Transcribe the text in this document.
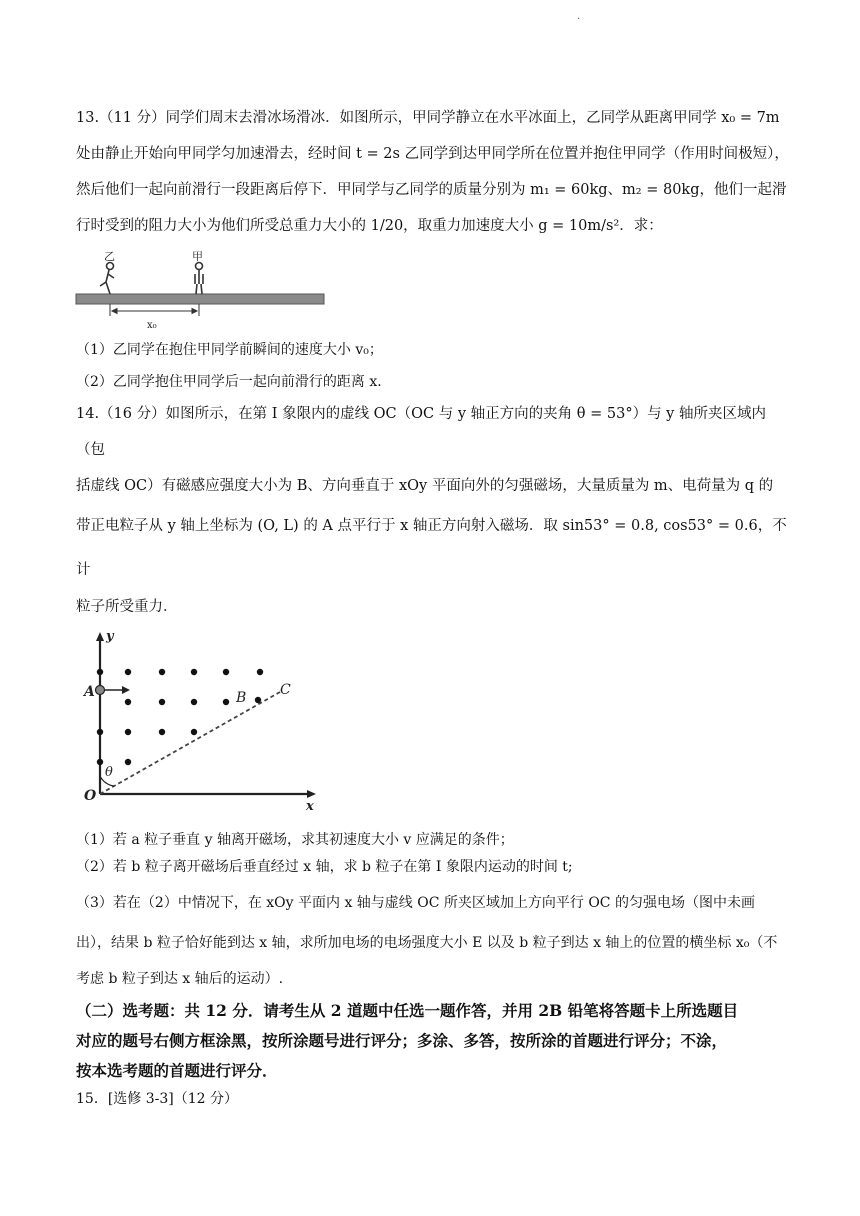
·

13.（11 分）同学们周末去滑冰场滑冰．如图所示，甲同学静立在水平冰面上，乙同学从距离甲同学 x₀ = 7m

处由静止开始向甲同学匀加速滑去，经时间 t = 2s 乙同学到达甲同学所在位置并抱住甲同学（作用时间极短），

然后他们一起向前滑行一段距离后停下．甲同学与乙同学的质量分别为 m₁ = 60kg、m₂ = 80kg，他们一起滑

行时受到的阻力大小为他们所受总重力大小的 1/20，取重力加速度大小 g = 10m/s²．求：

乙	甲
x₀

（1）乙同学在抱住甲同学前瞬间的速度大小 v₀；

（2）乙同学抱住甲同学后一起向前滑行的距离 x.

14.（16 分）如图所示，在第 I 象限内的虚线 OC（OC 与 y 轴正方向的夹角 θ = 53°）与 y 轴所夹区域内（包

括虚线 OC）有磁感应强度大小为 B、方向垂直于 xOy 平面向外的匀强磁场，大量质量为 m、电荷量为 q 的

带正电粒子从 y 轴上坐标为 (O, L) 的 A 点平行于 x 轴正方向射入磁场．取 sin53° = 0.8, cos53° = 0.6，不计

粒子所受重力．

y
x
O
C
B
θ
A

（1）若 a 粒子垂直 y 轴离开磁场，求其初速度大小 v 应满足的条件；

（2）若 b 粒子离开磁场后垂直经过 x 轴，求 b 粒子在第 I 象限内运动的时间 t;

（3）若在（2）中情况下，在 xOy 平面内 x 轴与虚线 OC 所夹区域加上方向平行 OC 的匀强电场（图中未画

出），结果 b 粒子恰好能到达 x 轴，求所加电场的电场强度大小 E 以及 b 粒子到达 x 轴上的位置的横坐标 x₀（不

考虑 b 粒子到达 x 轴后的运动）.

（二）选考题：共 12 分．请考生从 2 道题中任选一题作答，并用 2B 铅笔将答题卡上所选题目

对应的题号右侧方框涂黑，按所涂题号进行评分；多涂、多答，按所涂的首题进行评分；不涂，

按本选考题的首题进行评分．

15．[选修 3-3]（12 分）
